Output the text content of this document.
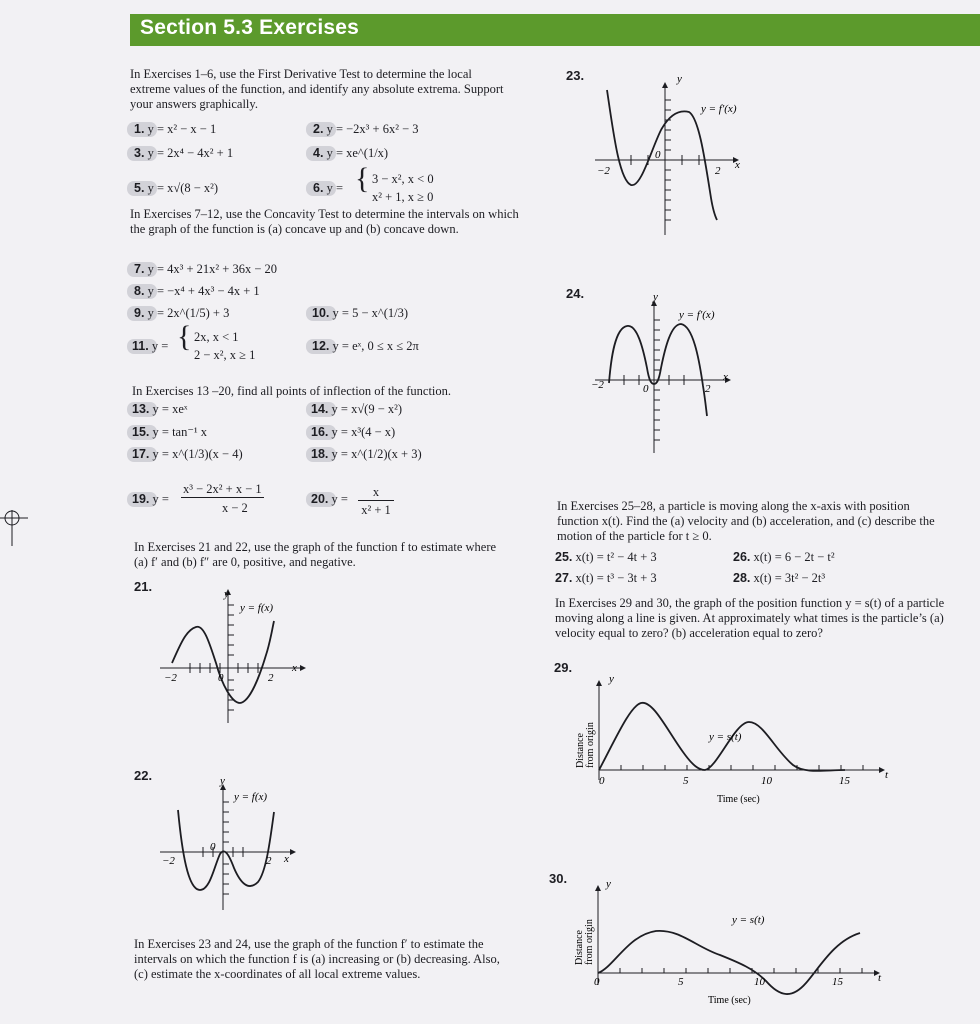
Section 5.3 Exercises
In Exercises 1–6, use the First Derivative Test to determine the local extreme values of the function, and identify any absolute extrema. Support your answers graphically.
1. y = x² − x − 1	2. y = −2x³ + 6x² − 3
3. y = 2x⁴ − 4x² + 1	4. y = xe^(1/x)
5. y = x√(8 − x²)	6. y = { 3 − x², x < 0
x² + 1, x ≥ 0
In Exercises 7–12, use the Concavity Test to determine the intervals on which the graph of the function is (a) concave up and (b) concave down.
7. y = 4x³ + 21x² + 36x − 20
8. y = −x⁴ + 4x³ − 4x + 1
9. y = 2x^(1/5) + 3	10. y = 5 − x^(1/3)
11. y = { 2x, x < 1
2 − x², x ≥ 1
12. y = eˣ, 0 ≤ x ≤ 2π
In Exercises 13 –20, find all points of inflection of the function.
13. y = xeˣ	14. y = x√(9 − x²)
15. y = tan⁻¹ x	16. y = x³(4 − x)
17. y = x^(1/3)(x − 4)	18. y = x^(1/2)(x + 3)
19. y =
x³ − 2x² + x − 1
x − 2
20. y =	x
x² + 1
In Exercises 21 and 22, use the graph of the function f to estimate where (a) f′ and (b) f″ are 0, positive, and negative.
21.	y
y = f(x)
x
−2	0	2
22.	y
y = f(x)
x
−2
0
2
In Exercises 23 and 24, use the graph of the function f′ to estimate the intervals on which the function f is (a) increasing or (b) decreasing. Also, (c) estimate the x-coordinates of all local extreme values.
23.	y
y = f′(x)
x
−2
0
2
24.	y
y = f′(x)
x
−2	0	2
In Exercises 25–28, a particle is moving along the x-axis with position function x(t). Find the (a) velocity and (b) acceleration, and (c) describe the motion of the particle for t ≥ 0.
25. x(t) = t² − 4t + 3	26. x(t) = 6 − 2t − t²
27. x(t) = t³ − 3t + 3	28. x(t) = 3t² − 2t³
In Exercises 29 and 30, the graph of the position function y = s(t) of a particle moving along a line is given. At approximately what times is the particle’s (a) velocity equal to zero? (b) acceleration equal to zero?
29.
y
y = s(t)
t
0	5	10	15
Time (sec)
Distance from origin
30.	y
y = s(t)
t
0	5	10	15
Time (sec)
Distance from origin
